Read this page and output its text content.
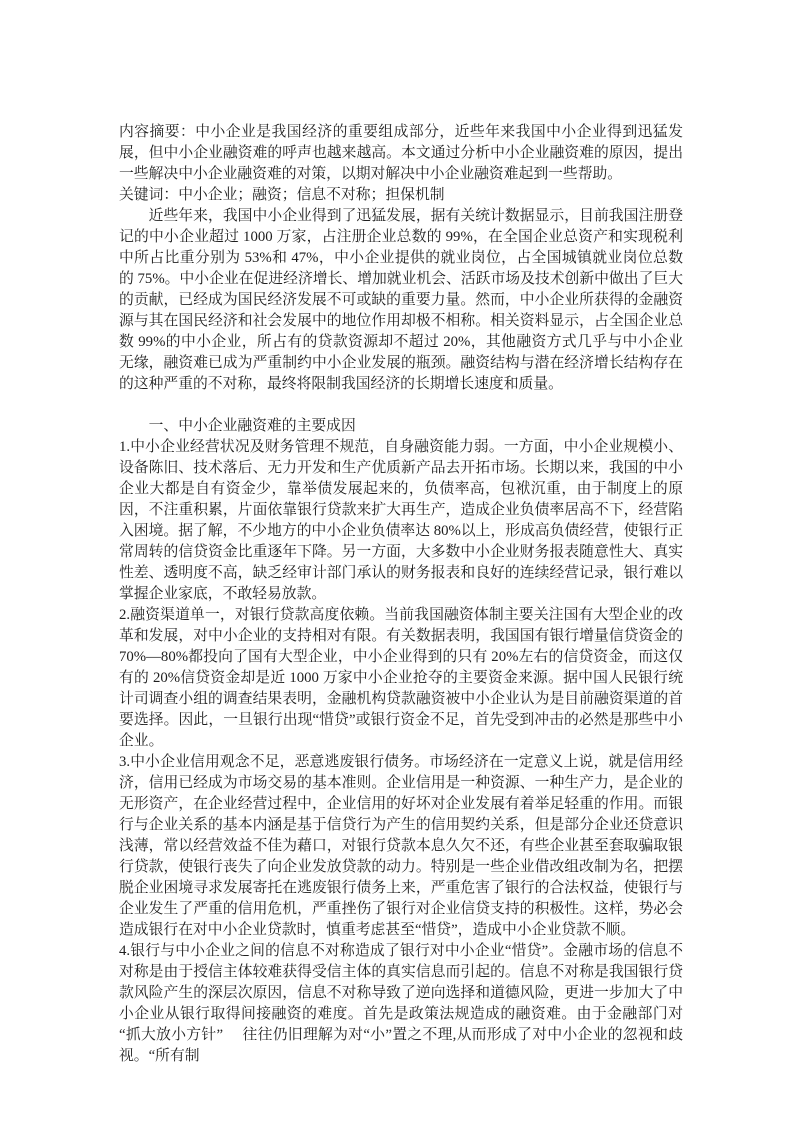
内容摘要：中小企业是我国经济的重要组成部分，近些年来我国中小企业得到迅猛发展，但中小企业融资难的呼声也越来越高。本文通过分析中小企业融资难的原因，提出一些解决中小企业融资难的对策，以期对解决中小企业融资难起到一些帮助。

关键词：中小企业；融资；信息不对称；担保机制

近些年来，我国中小企业得到了迅猛发展，据有关统计数据显示，目前我国注册登记的中小企业超过 1000 万家，占注册企业总数的 99%，在全国企业总资产和实现税利中所占比重分别为 53%和 47%，中小企业提供的就业岗位，占全国城镇就业岗位总数的 75%。中小企业在促进经济增长、增加就业机会、活跃市场及技术创新中做出了巨大的贡献，已经成为国民经济发展不可或缺的重要力量。然而，中小企业所获得的金融资源与其在国民经济和社会发展中的地位作用却极不相称。相关资料显示，占全国企业总数 99%的中小企业，所占有的贷款资源却不超过 20%，其他融资方式几乎与中小企业无缘，融资难已成为严重制约中小企业发展的瓶颈。融资结构与潜在经济增长结构存在的这种严重的不对称，最终将限制我国经济的长期增长速度和质量。

一、中小企业融资难的主要成因

1.中小企业经营状况及财务管理不规范，自身融资能力弱。一方面，中小企业规模小、设备陈旧、技术落后、无力开发和生产优质新产品去开拓市场。长期以来，我国的中小企业大都是自有资金少，靠举债发展起来的，负债率高，包袱沉重，由于制度上的原因，不注重积累，片面依靠银行贷款来扩大再生产，造成企业负债率居高不下，经营陷入困境。据了解，不少地方的中小企业负债率达 80%以上，形成高负债经营，使银行正常周转的信贷资金比重逐年下降。另一方面，大多数中小企业财务报表随意性大、真实性差、透明度不高，缺乏经审计部门承认的财务报表和良好的连续经营记录，银行难以掌握企业家底，不敢轻易放款。

2.融资渠道单一，对银行贷款高度依赖。当前我国融资体制主要关注国有大型企业的改革和发展，对中小企业的支持相对有限。有关数据表明，我国国有银行增量信贷资金的70%—80%都投向了国有大型企业，中小企业得到的只有 20%左右的信贷资金，而这仅有的 20%信贷资金却是近 1000 万家中小企业抢夺的主要资金来源。据中国人民银行统计司调查小组的调查结果表明，金融机构贷款融资被中小企业认为是目前融资渠道的首要选择。因此，一旦银行出现“惜贷”或银行资金不足，首先受到冲击的必然是那些中小企业。

3.中小企业信用观念不足，恶意逃废银行债务。市场经济在一定意义上说，就是信用经济，信用已经成为市场交易的基本准则。企业信用是一种资源、一种生产力，是企业的无形资产，在企业经营过程中，企业信用的好坏对企业发展有着举足轻重的作用。而银行与企业关系的基本内涵是基于信贷行为产生的信用契约关系，但是部分企业还贷意识浅薄，常以经营效益不佳为藉口，对银行贷款本息久欠不还，有些企业甚至套取骗取银行贷款，使银行丧失了向企业发放贷款的动力。特别是一些企业借改组改制为名，把摆脱企业困境寻求发展寄托在逃废银行债务上来，严重危害了银行的合法权益，使银行与企业发生了严重的信用危机，严重挫伤了银行对企业信贷支持的积极性。这样，势必会造成银行在对中小企业贷款时，慎重考虑甚至“惜贷”，造成中小企业贷款不顺。

4.银行与中小企业之间的信息不对称造成了银行对中小企业“惜贷”。金融市场的信息不对称是由于授信主体较难获得受信主体的真实信息而引起的。信息不对称是我国银行贷款风险产生的深层次原因，信息不对称导致了逆向选择和道德风险，更进一步加大了中小企业从银行取得间接融资的难度。首先是政策法规造成的融资难。由于金融部门对“抓大放小方针”　 往往仍旧理解为对“小”置之不理,从而形成了对中小企业的忽视和歧视。“所有制
